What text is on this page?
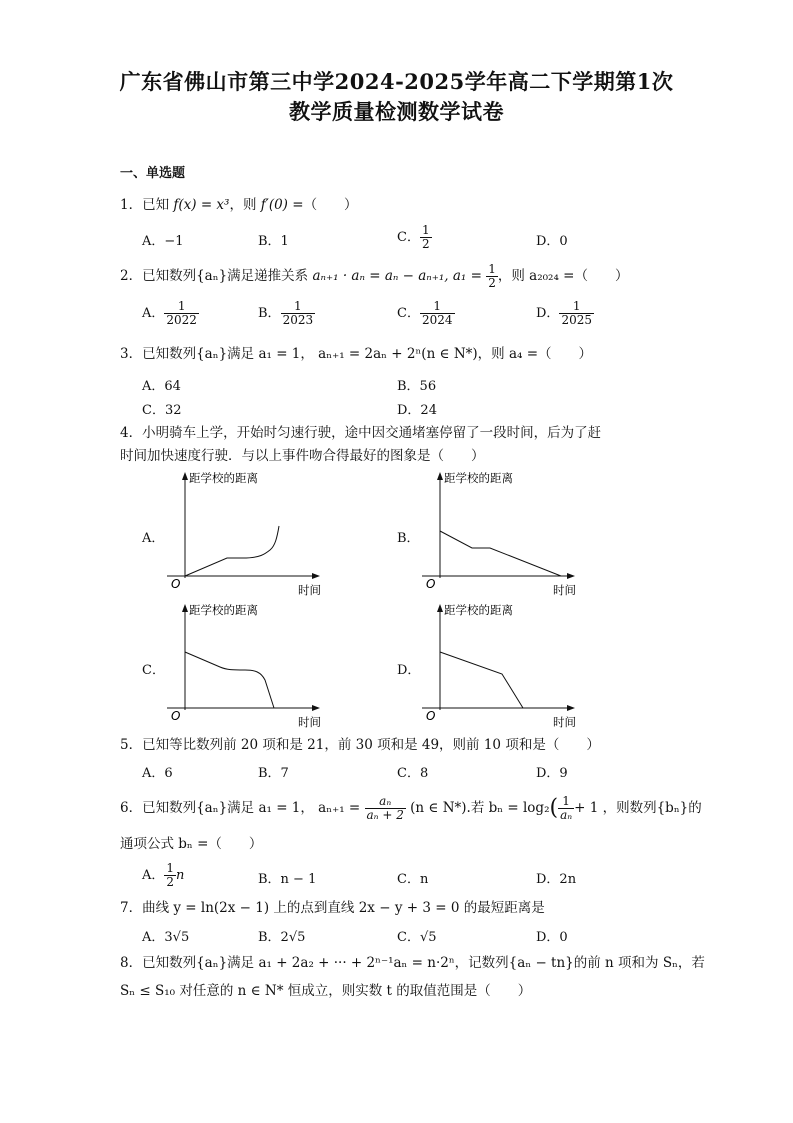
广东省佛山市第三中学2024-2025学年高二下学期第1次
教学质量检测数学试卷
一、单选题
1．已知 f(x) = x³，则 f′(0) =（　　）
A．−1	B．1	C． $\frac{1}{2}$	D．0
2．已知数列{aₙ}满足递推关系 aₙ₊₁ · aₙ = aₙ − aₙ₊₁, $a_1 = \frac{1}{2}$ ，则 a₂₀₂₄ =（　　）
A． $\frac{1}{2022}$	B． $\frac{1}{2023}$	C． $\frac{1}{2024}$	D． $\frac{1}{2025}$
3．已知数列{aₙ}满足 a₁ = 1， aₙ₊₁ = 2aₙ + 2ⁿ(n ∈ N*)，则 a₄ =（　　）
A．64	B．56
C．32	D．24
4．小明骑车上学，开始时匀速行驶，途中因交通堵塞停留了一段时间，后为了赶
时间加快速度行驶．与以上事件吻合得最好的图象是（　　）
A．	B．
C．	D．
距学校的距离
O	时间
距学校的距离
O	时间
距学校的距离
O	时间
距学校的距离
O	时间
5．已知等比数列前 20 项和是 21，前 30 项和是 49，则前 10 项和是（　　）
A．6	B．7	C．8	D．9
6．已知数列{aₙ}满足 a₁ = 1， $a_{n+1} = \frac{\text{aₙ}}{\text{aₙ + 2}} (n$ ∈ N*).若 $b_n = \log_2( \frac{1}{\text{aₙ}} + 1$ ，则数列{bₙ}的
通项公式 bₙ =（　　）
A． $\frac{1}{2}$ n	B．n − 1	C．n	D．2n
7．曲线 y = ln(2x − 1) 上的点到直线 2x − y + 3 = 0 的最短距离是
A．3√5	B．2√5	C．√5	D．0
8．已知数列{aₙ}满足 a₁ + 2a₂ + ··· + 2ⁿ⁻¹aₙ = n·2ⁿ，记数列{aₙ − tn}的前 n 项和为 Sₙ，若
Sₙ ≤ S₁₀ 对任意的 n ∈ N* 恒成立，则实数 t 的取值范围是（　　）
